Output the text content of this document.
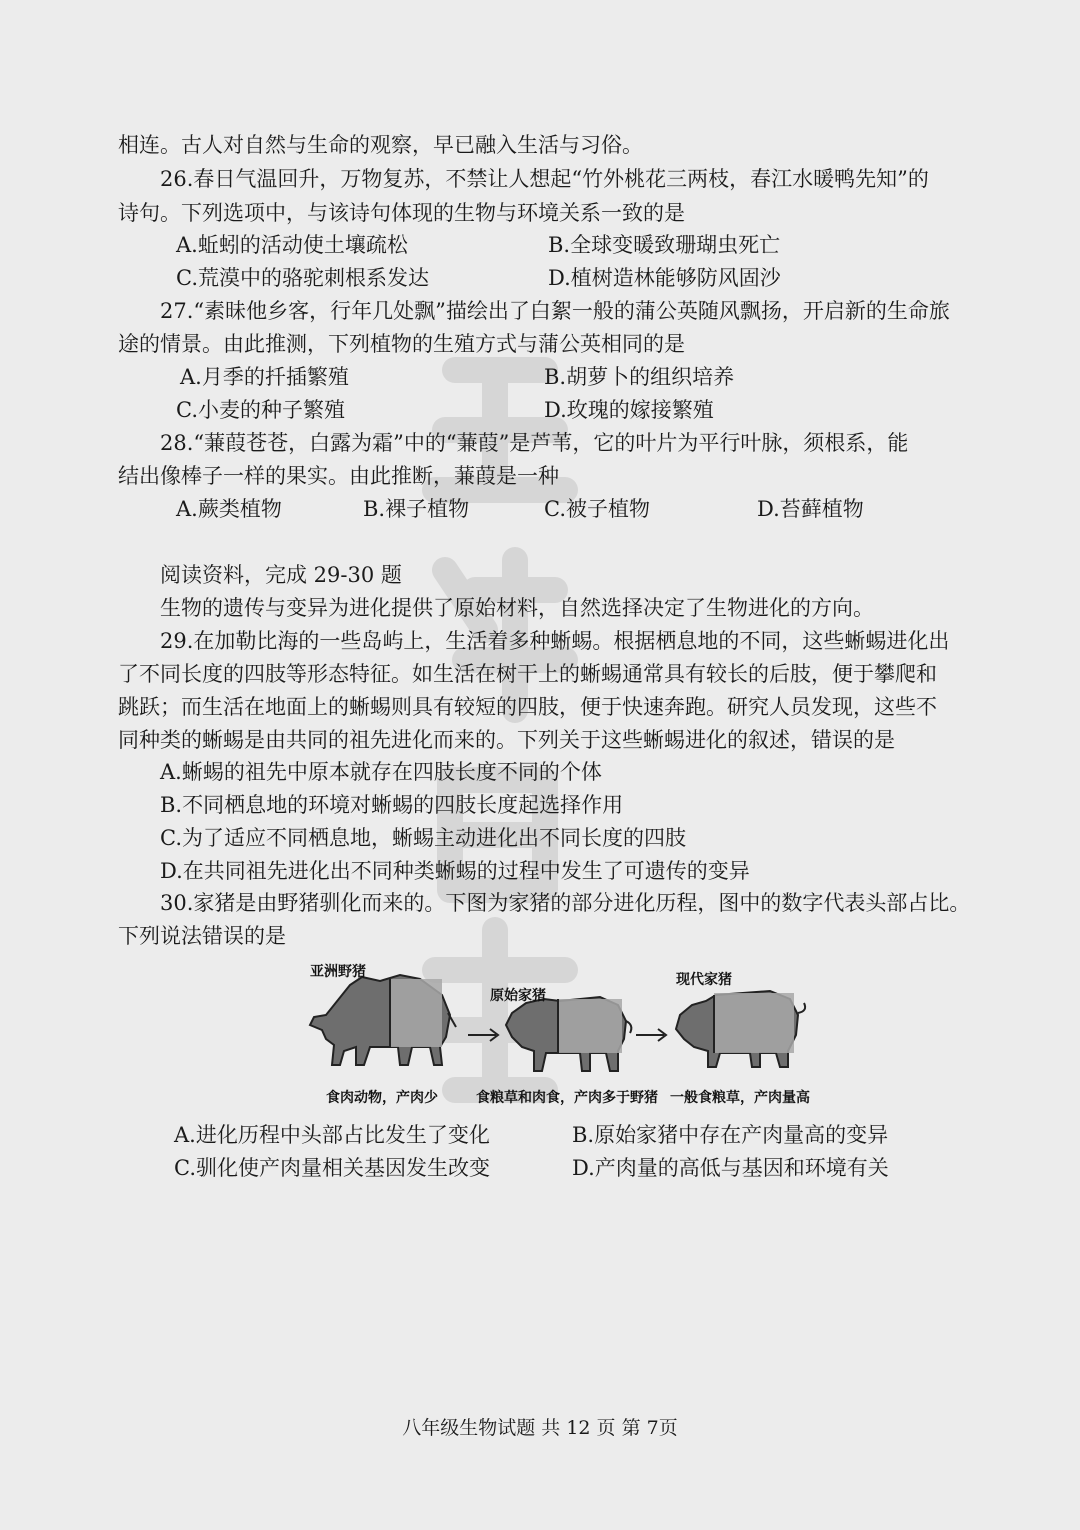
相连。古人对自然与生命的观察，早已融入生活与习俗。
26.春日气温回升，万物复苏，不禁让人想起“竹外桃花三两枝，春江水暖鸭先知”的
诗句。下列选项中，与该诗句体现的生物与环境关系一致的是
A.蚯蚓的活动使土壤疏松	B.全球变暖致珊瑚虫死亡
C.荒漠中的骆驼刺根系发达	D.植树造林能够防风固沙
27.“素昧他乡客，行年几处飘”描绘出了白絮一般的蒲公英随风飘扬，开启新的生命旅
途的情景。由此推测，下列植物的生殖方式与蒲公英相同的是
A.月季的扦插繁殖	B.胡萝卜的组织培养
C.小麦的种子繁殖	D.玫瑰的嫁接繁殖
28.“蒹葭苍苍，白露为霜”中的“蒹葭”是芦苇，它的叶片为平行叶脉，须根系，能
结出像棒子一样的果实。由此推断，蒹葭是一种
A.蕨类植物	B.裸子植物	C.被子植物	D.苔藓植物
阅读资料，完成 29-30 题
生物的遗传与变异为进化提供了原始材料，自然选择决定了生物进化的方向。
29.在加勒比海的一些岛屿上，生活着多种蜥蜴。根据栖息地的不同，这些蜥蜴进化出
了不同长度的四肢等形态特征。如生活在树干上的蜥蜴通常具有较长的后肢，便于攀爬和
跳跃；而生活在地面上的蜥蜴则具有较短的四肢，便于快速奔跑。研究人员发现，这些不
同种类的蜥蜴是由共同的祖先进化而来的。下列关于这些蜥蜴进化的叙述，错误的是
A.蜥蜴的祖先中原本就存在四肢长度不同的个体
B.不同栖息地的环境对蜥蜴的四肢长度起选择作用
C.为了适应不同栖息地，蜥蜴主动进化出不同长度的四肢
D.在共同祖先进化出不同种类蜥蜴的过程中发生了可遗传的变异
30.家猪是由野猪驯化而来的。下图为家猪的部分进化历程，图中的数字代表头部占比。
下列说法错误的是
亚洲野猪
原始家猪
现代家猪
食肉动物，产肉少	食粮草和肉食，产肉多于野猪 一般食粮草，产肉量高
A.进化历程中头部占比发生了变化	B.原始家猪中存在产肉量高的变异
C.驯化使产肉量相关基因发生改变	D.产肉量的高低与基因和环境有关
八年级生物试题 共 12 页 第 7页
